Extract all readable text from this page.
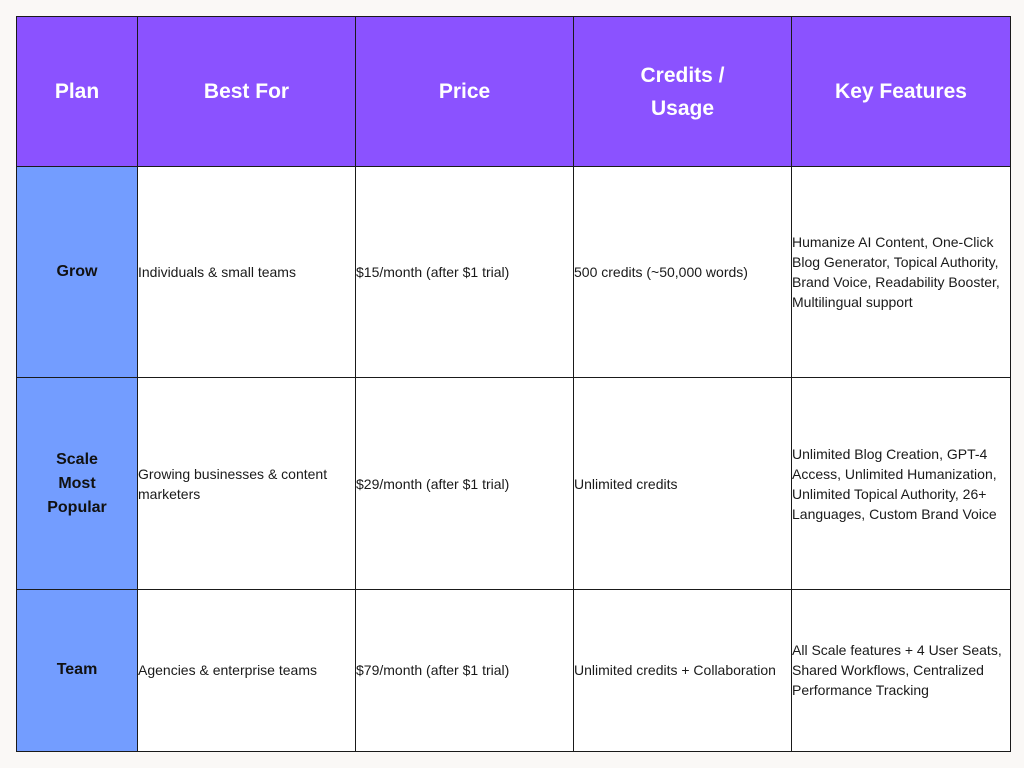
Plan	Best For	Price	Credits / Usage	Key Features
Grow	Individuals & small teams	$15/month (after $1 trial)	500 credits (~50,000 words)	Humanize AI Content, One-Click Blog Generator, Topical Authority, Brand Voice, Readability Booster, Multilingual support
Scale Most Popular	Growing businesses & content marketers	$29/month (after $1 trial)	Unlimited credits	Unlimited Blog Creation, GPT-4 Access, Unlimited Humanization, Unlimited Topical Authority, 26+ Languages, Custom Brand Voice
Team	Agencies & enterprise teams	$79/month (after $1 trial)	Unlimited credits + Collaboration	All Scale features + 4 User Seats, Shared Workflows, Centralized Performance Tracking
